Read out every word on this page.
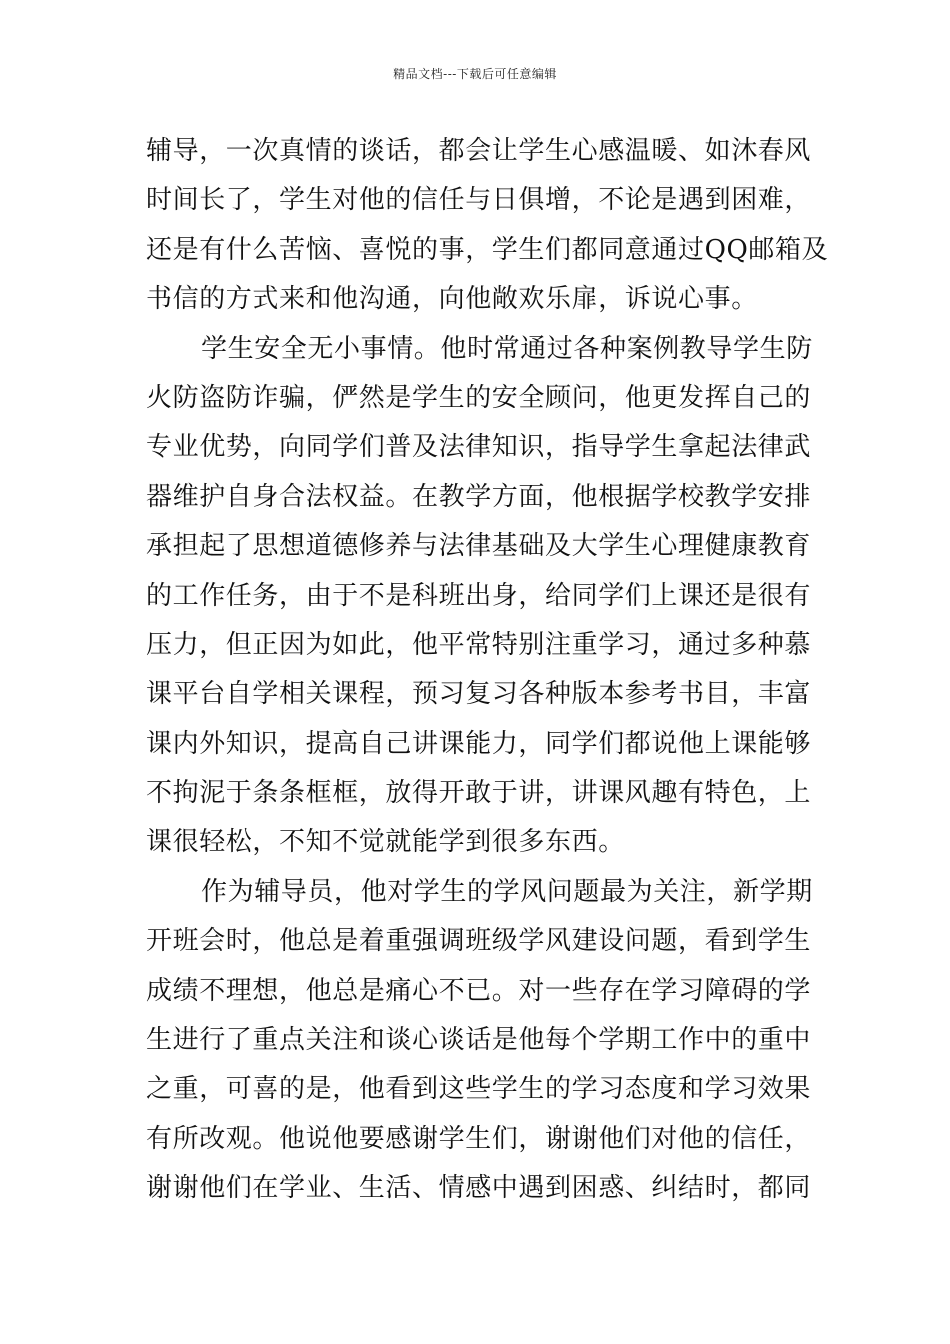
精品文档---下载后可任意编辑
辅导，一次真情的谈话，都会让学生心感温暖、如沐春风
时间长了，学生对他的信任与日俱增，不论是遇到困难，
还是有什么苦恼、喜悦的事，学生们都同意通过QQ邮箱及
书信的方式来和他沟通，向他敞欢乐扉，诉说心事。
学生安全无小事情。他时常通过各种案例教导学生防
火防盗防诈骗，俨然是学生的安全顾问，他更发挥自己的
专业优势，向同学们普及法律知识，指导学生拿起法律武
器维护自身合法权益。在教学方面，他根据学校教学安排
承担起了思想道德修养与法律基础及大学生心理健康教育
的工作任务，由于不是科班出身，给同学们上课还是很有
压力，但正因为如此，他平常特别注重学习，通过多种慕
课平台自学相关课程，预习复习各种版本参考书目，丰富
课内外知识，提高自己讲课能力，同学们都说他上课能够
不拘泥于条条框框，放得开敢于讲，讲课风趣有特色，上
课很轻松，不知不觉就能学到很多东西。
作为辅导员，他对学生的学风问题最为关注，新学期
开班会时，他总是着重强调班级学风建设问题，看到学生
成绩不理想，他总是痛心不已。对一些存在学习障碍的学
生进行了重点关注和谈心谈话是他每个学期工作中的重中
之重，可喜的是，他看到这些学生的学习态度和学习效果
有所改观。他说他要感谢学生们，谢谢他们对他的信任，
谢谢他们在学业、生活、情感中遇到困惑、纠结时，都同
